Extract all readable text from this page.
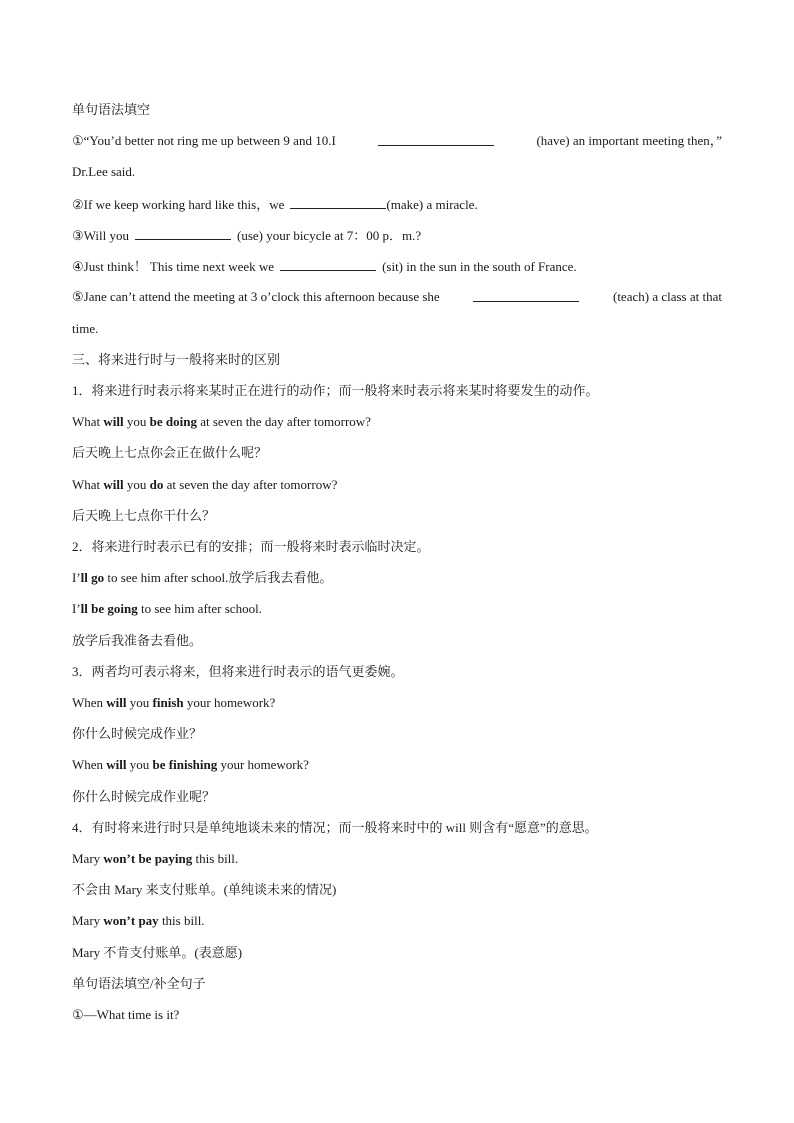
单句语法填空
①“You’d better not ring me up between 9 and 10.I	(have) an important meeting then，”
Dr.Lee said.
②If we keep working hard like this，we	(make) a miracle.
③Will you	(use) your bicycle at 7：00 p．m.?
④Just think！ This time next week we	(sit) in the sun in the south of France.
⑤Jane can’t attend the meeting at 3 o’clock this afternoon because she	(teach) a class at that
time.
三、将来进行时与一般将来时的区别
1．将来进行时表示将来某时正在进行的动作；而一般将来时表示将来某时将要发生的动作。
What will you be doing at seven the day after tomorrow?
后天晚上七点你会正在做什么呢？
What will you do at seven the day after tomorrow?
后天晚上七点你干什么？
2．将来进行时表示已有的安排；而一般将来时表示临时决定。
I’ll go to see him after school.放学后我去看他。
I’ll be going to see him after school.
放学后我准备去看他。
3．两者均可表示将来，但将来进行时表示的语气更委婉。
When will you finish your homework?
你什么时候完成作业？
When will you be finishing your homework?
你什么时候完成作业呢？
4．有时将来进行时只是单纯地谈未来的情况；而一般将来时中的 will 则含有“愿意”的意思。
Mary won’t be paying this bill.
不会由 Mary 来支付账单。(单纯谈未来的情况)
Mary won’t pay this bill.
Mary 不肯支付账单。(表意愿)
单句语法填空/补全句子
①—What time is it?
